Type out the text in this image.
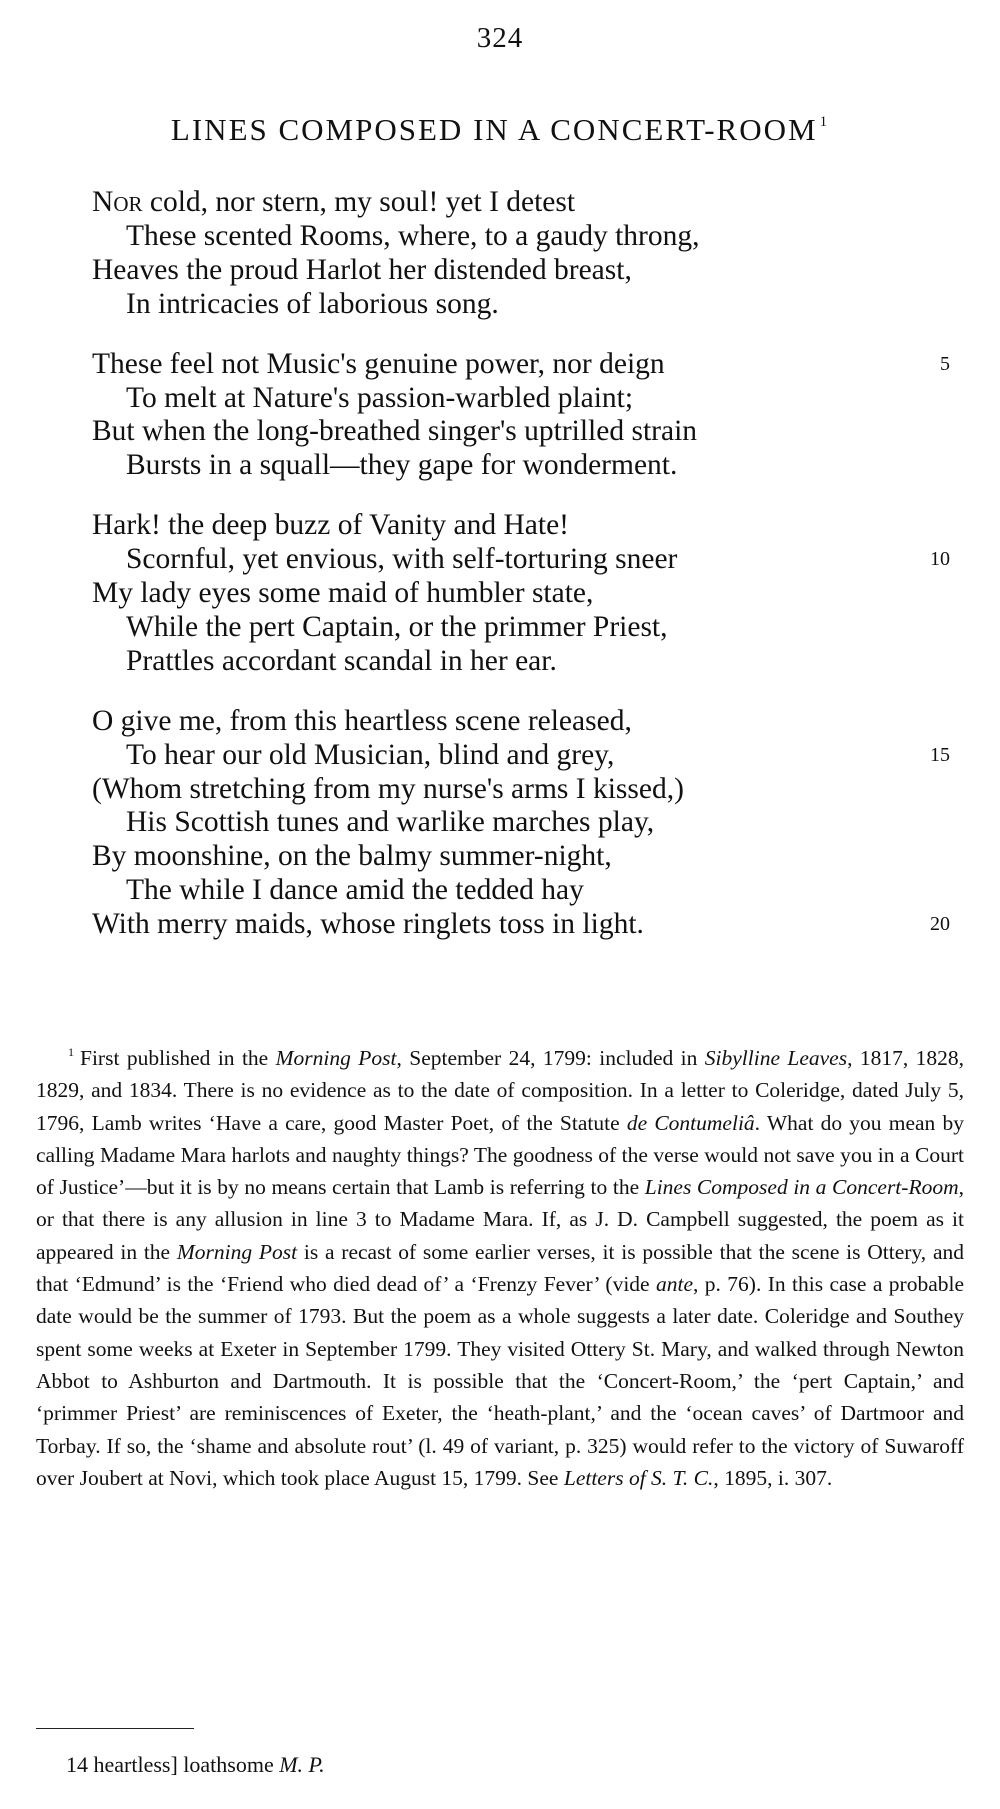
324
LINES COMPOSED IN A CONCERT-ROOM $^1$
NOR cold, nor stern, my soul! yet I detest
These scented Rooms, where, to a gaudy throng,
Heaves the proud Harlot her distended breast,
In intricacies of laborious song.
These feel not Music's genuine power, nor deign	5
To melt at Nature's passion-warbled plaint;
But when the long-breathed singer's uptrilled strain
Bursts in a squall—they gape for wonderment.
Hark! the deep buzz of Vanity and Hate!
Scornful, yet envious, with self-torturing sneer	10
My lady eyes some maid of humbler state,
While the pert Captain, or the primmer Priest,
Prattles accordant scandal in her ear.
O give me, from this heartless scene released,
To hear our old Musician, blind and grey,	15
(Whom stretching from my nurse's arms I kissed,)
His Scottish tunes and warlike marches play,
By moonshine, on the balmy summer-night,
The while I dance amid the tedded hay
With merry maids, whose ringlets toss in light.	20
$^1$ First published in the Morning Post, September 24, 1799: included in Sibylline Leaves, 1817, 1828, 1829, and 1834. There is no evidence as to the date of composition. In a letter to Coleridge, dated July 5, 1796, Lamb writes ‘Have a care, good Master Poet, of the Statute de Contumeliâ. What do you mean by calling Madame Mara harlots and naughty things? The goodness of the verse would not save you in a Court of Justice’—but it is by no means certain that Lamb is referring to the Lines Composed in a Concert-Room, or that there is any allusion in line 3 to Madame Mara. If, as J. D. Campbell suggested, the poem as it appeared in the Morning Post is a recast of some earlier verses, it is possible that the scene is Ottery, and that ‘Edmund’ is the ‘Friend who died dead of’ a ‘Frenzy Fever’ (vide ante, p. 76). In this case a probable date would be the summer of 1793. But the poem as a whole suggests a later date. Coleridge and Southey spent some weeks at Exeter in September 1799. They visited Ottery St. Mary, and walked through Newton Abbot to Ashburton and Dartmouth. It is possible that the ‘Concert-Room,’ the ‘pert Captain,’ and ‘primmer Priest’ are reminiscences of Exeter, the ‘heath-plant,’ and the ‘ocean caves’ of Dartmoor and Torbay. If so, the ‘shame and absolute rout’ (l. 49 of variant, p. 325) would refer to the victory of Suwaroff over Joubert at Novi, which took place August 15, 1799. See Letters of S. T. C., 1895, i. 307.
14 heartless] loathsome M. P.
